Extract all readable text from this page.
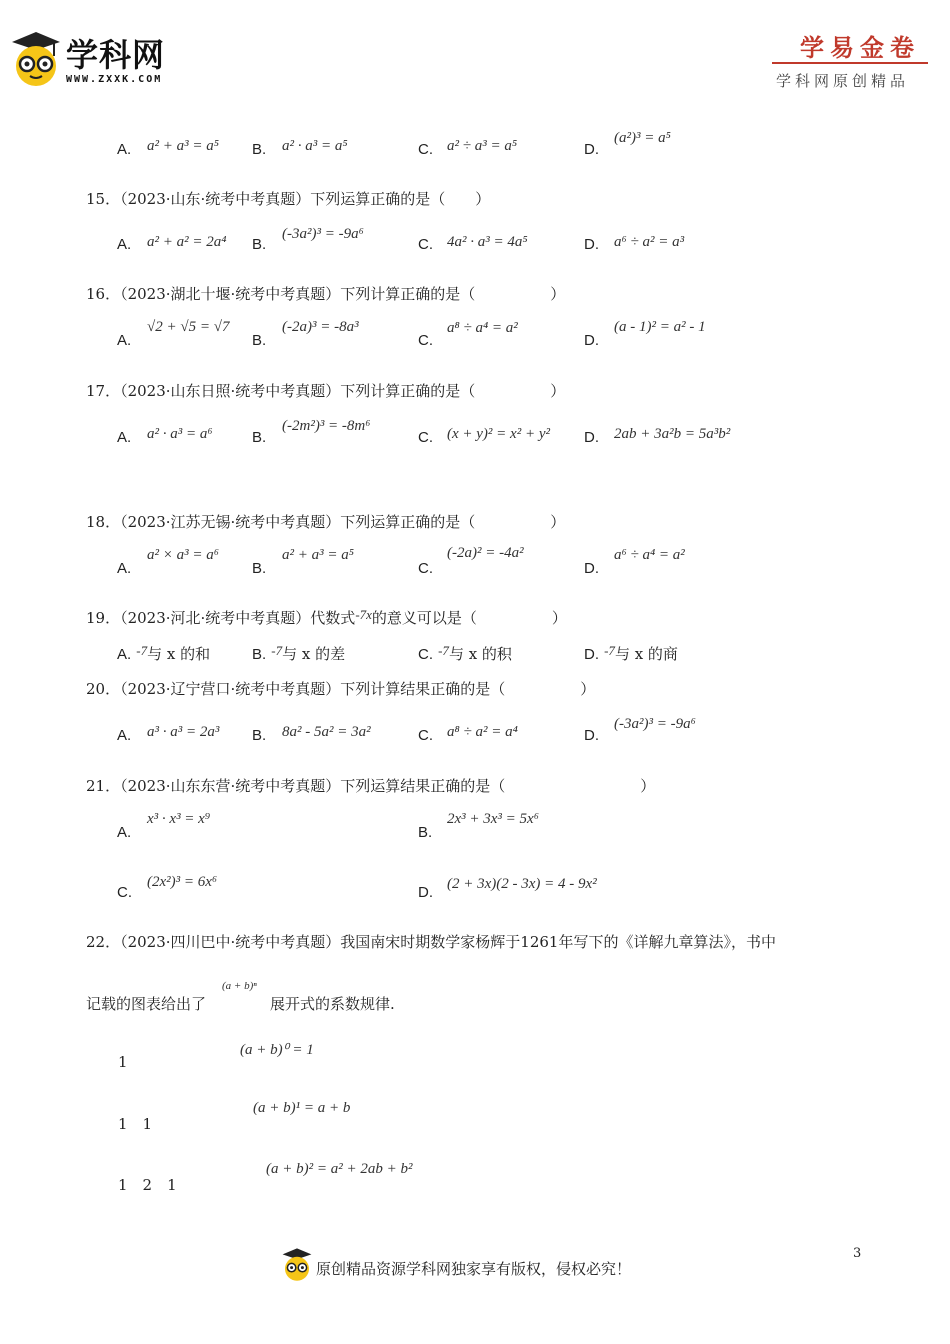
学科网
WWW.ZXXK.COM
学易金卷
学科网原创精品
A. a² + a³ = a⁵ B. a² · a³ = a⁵	C. a² ÷ a³ = a⁵	D.
(a²)³ = a⁵
15．（2023·山东·统考中考真题）下列运算正确的是（　　）
A. a² + a² = 2a⁴ B.
(-3a²)³ = -9a⁶
C. 4a² · a³ = 4a⁵	D. a⁶ ÷ a² = a³
16．（2023·湖北十堰·统考中考真题）下列计算正确的是（　　　　　）
A.
√2 + √5 = √7
B.
(-2a)³ = -8a³
C.
a⁸ ÷ a⁴ = a²
D.
(a - 1)² = a² - 1
17．（2023·山东日照·统考中考真题）下列计算正确的是（　　　　　）
A. a² · a³ = a⁶	B.
(-2m²)³ = -8m⁶
C. (x + y)² = x² + y² D. 2ab + 3a²b = 5a³b²
18．（2023·江苏无锡·统考中考真题）下列运算正确的是（　　　　　）
A.
a² × a³ = a⁶
B.
a² + a³ = a⁵
C.
(-2a)² = -4a²
D.
a⁶ ÷ a⁴ = a²
19．（2023·河北·统考中考真题）代数式-7x的意义可以是（　　　　　）
A. $^{-7}$与 x 的和	B. $^{-7}$与 x 的差	C. $^{-7}$与 x 的积	D. $^{-7}$与 x 的商
20．（2023·辽宁营口·统考中考真题）下列计算结果正确的是（　　　　　）
A. a³ · a³ = 2a³ B. 8a² - 5a² = 3a²	C. a⁸ ÷ a² = a⁴	D.
(-3a²)³ = -9a⁶
21．（2023·山东东营·统考中考真题）下列运算结果正确的是（　　　　　　　　　）
A.
x³ · x³ = x⁹
B.
2x³ + 3x³ = 5x⁶
C.
(2x²)³ = 6x⁶
D. (2 + 3x)(2 - 3x) = 4 - 9x²
22．（2023·四川巴中·统考中考真题）我国南宋时期数学家杨辉于1261年写下的《详解九章算法》，书中
记载的图表给出了
(a + b)ⁿ
展开式的系数规律.
1
(a + b)⁰ = 1
1　1
(a + b)¹ = a + b
1　2　1
(a + b)² = a² + 2ab + b²
原创精品资源学科网独家享有版权，侵权必究！
3
